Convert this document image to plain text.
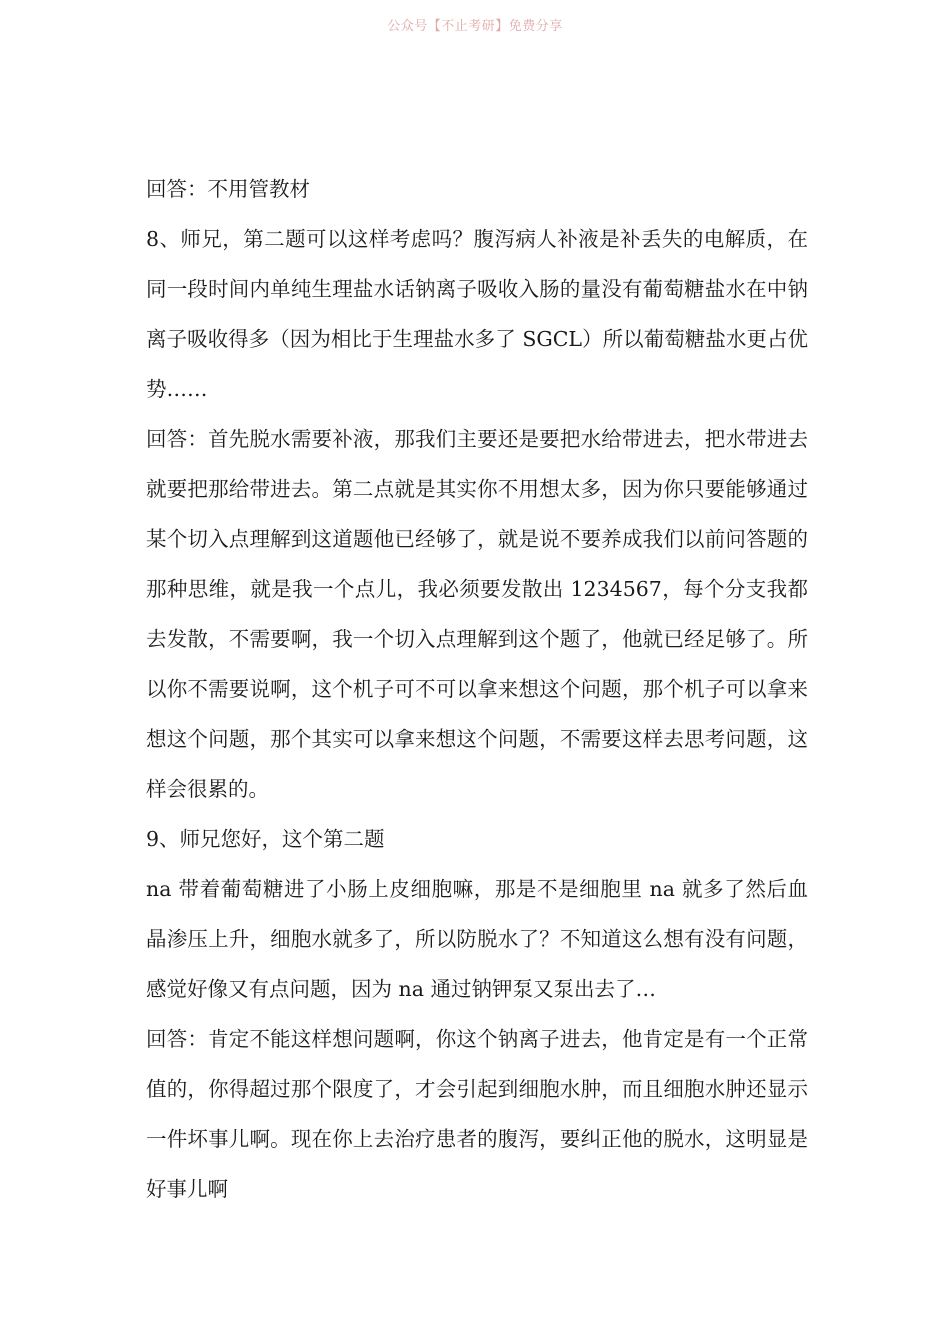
公众号【不止考研】免费分享

回答：不用管教材

8、师兄，第二题可以这样考虑吗？腹泻病人补液是补丢失的电解质，在同一段时间内单纯生理盐水话钠离子吸收入肠的量没有葡萄糖盐水在中钠离子吸收得多（因为相比于生理盐水多了 SGCL）所以葡萄糖盐水更占优势……

回答：首先脱水需要补液，那我们主要还是要把水给带进去，把水带进去就要把那给带进去。第二点就是其实你不用想太多，因为你只要能够通过某个切入点理解到这道题他已经够了，就是说不要养成我们以前问答题的那种思维，就是我一个点儿，我必须要发散出 1234567，每个分支我都去发散，不需要啊，我一个切入点理解到这个题了，他就已经足够了。所以你不需要说啊，这个机子可不可以拿来想这个问题，那个机子可以拿来想这个问题，那个其实可以拿来想这个问题，不需要这样去思考问题，这样会很累的。

9、师兄您好，这个第二题

na 带着葡萄糖进了小肠上皮细胞嘛，那是不是细胞里 na 就多了然后血晶渗压上升，细胞水就多了，所以防脱水了？不知道这么想有没有问题，感觉好像又有点问题，因为 na 通过钠钾泵又泵出去了…

回答：肯定不能这样想问题啊，你这个钠离子进去，他肯定是有一个正常值的，你得超过那个限度了，才会引起到细胞水肿，而且细胞水肿还显示一件坏事儿啊。现在你上去治疗患者的腹泻，要纠正他的脱水，这明显是好事儿啊
